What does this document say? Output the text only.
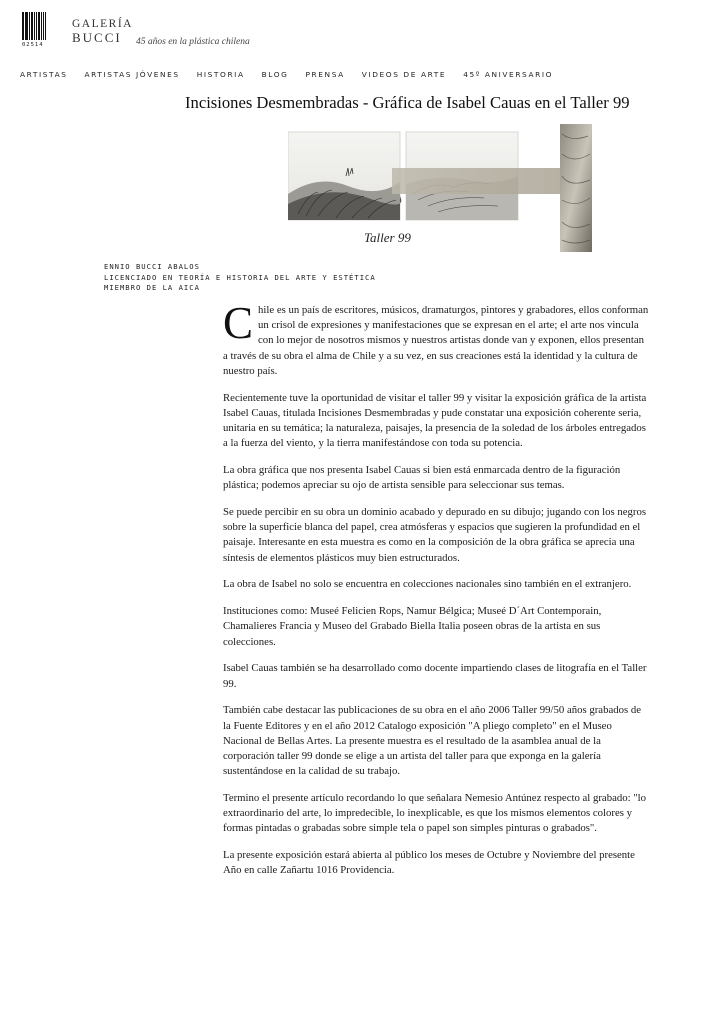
02514
GALERÍA
BUCCI	45 años en la plástica chilena
ARTISTAS ARTISTAS JÓVENES HISTORIA BLOG PRENSA VIDEOS DE ARTE 45º ANIVERSARIO
Incisiones Desmembradas - Gráfica de Isabel Cauas en el Taller 99
Taller 99
ENNIO BUCCI ABALOS
LICENCIADO EN TEORÍA E HISTORIA DEL ARTE Y ESTÉTICA
MIEMBRO DE LA AICA

Chile es un país de escritores, músicos, dramaturgos, pintores y grabadores, ellos conforman un crisol de expresiones y manifestaciones que se expresan en el arte; el arte nos vincula con lo mejor de nosotros mismos y nuestros artistas donde van y exponen, ellos presentan a través de su obra el alma de Chile y a su vez, en sus creaciones está la identidad y la cultura de nuestro país.

Recientemente tuve la oportunidad de visitar el taller 99 y visitar la exposición gráfica de la artista Isabel Cauas, titulada Incisiones Desmembradas y pude constatar una exposición coherente seria, unitaria en su temática; la naturaleza, paisajes, la presencia de la soledad de los árboles entregados a la fuerza del viento, y la tierra manifestándose con toda su potencia.

La obra gráfica que nos presenta Isabel Cauas si bien está enmarcada dentro de la figuración plástica; podemos apreciar su ojo de artista sensible para seleccionar sus temas.

Se puede percibir en su obra un dominio acabado y depurado en su dibujo; jugando con los negros sobre la superficie blanca del papel, crea atmósferas y espacios que sugieren la profundidad en el paisaje. Interesante en esta muestra es como en la composición de la obra gráfica se aprecia una síntesis de elementos plásticos muy bien estructurados.

La obra de Isabel no solo se encuentra en colecciones nacionales sino también en el extranjero.

Instituciones como: Museé Felicien Rops, Namur Bélgica; Museé D´Art Contemporain, Chamalieres Francia y Museo del Grabado Biella Italia poseen obras de la artista en sus colecciones.

Isabel Cauas también se ha desarrollado como docente impartiendo clases de litografía en el Taller 99.

También cabe destacar las publicaciones de su obra en el año 2006 Taller 99/50 años grabados de la Fuente Editores y en el año 2012 Catalogo exposición "A pliego completo" en el Museo Nacional de Bellas Artes. La presente muestra es el resultado de la asamblea anual de la corporación taller 99 donde se elige a un artista del taller para que exponga en la galería sustentándose en la calidad de su trabajo.

Termino el presente artículo recordando lo que señalara Nemesio Antúnez respecto al grabado: "lo extraordinario del arte, lo impredecible, lo inexplicable, es que los mismos elementos colores y formas pintadas o grabadas sobre simple tela o papel son simples pinturas o grabados".

La presente exposición estará abierta al público los meses de Octubre y Noviembre del presente Año en calle Zañartu 1016 Providencia.
